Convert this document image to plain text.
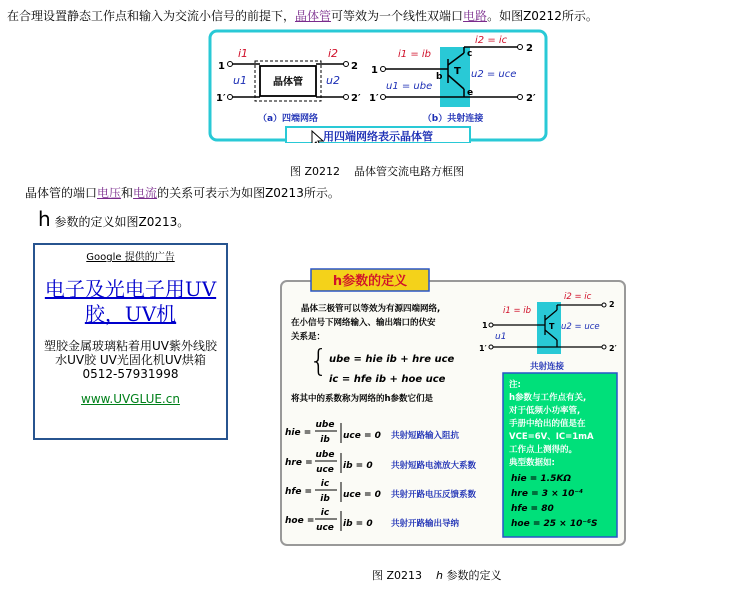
在合理设置静态工作点和输入为交流小信号的前提下，晶体管可等效为一个线性双端口电路。如图Z0212所示。
晶体管
i1	i2
u1	u2
1
1′
2
2′
（a）四端网络
i1 = ib
i2 = ic
u1 = ube
u2 = uce
b
c
e
T
1
1′
2
2′
（b）共射连接
用四端网络表示晶体管
图 Z0212 晶体管交流电路方框图
晶体管的端口电压和电流的关系可表示为如图Z0213所示。
h 参数的定义如图Z0213。
Google 提供的广告
电子及光电子用UV
胶，UV机
塑胶金属玻璃粘着用UV紫外线胶
水UV胶 UV光固化机UV烘箱
0512-57931998
www.UVGLUE.cn
h参数的定义
晶体三极管可以等效为有源四端网络,
在小信号下网络输入、输出端口的伏安
关系是：
{ ube = hie ib + hre uce
ic = hfe ib + hoe uce
将其中的系数称为网络的h参数它们是
hie =
ube
ib uce = 0
hre =
ube
uce ib = 0
hfe =
ic
ib uce = 0
hoe =
ic
uce ib = 0
共射短路输入阻抗
共射短路电流放大系数
共射开路电压反馈系数
共射开路输出导纳
i1 = ib
i2 = ic
u1
u2 = uce
T
1
1′
2
2′
共射连接
注:
h参数与工作点有关,
对于低频小功率管,
手册中给出的值是在
VCE=6V、IC=1mA
工作点上测得的。
典型数据如:
hie = 1.5KΩ
hre = 3 × 10⁻⁴
hfe = 80
hoe = 25 × 10⁻⁶S
图 Z0213 h 参数的定义
